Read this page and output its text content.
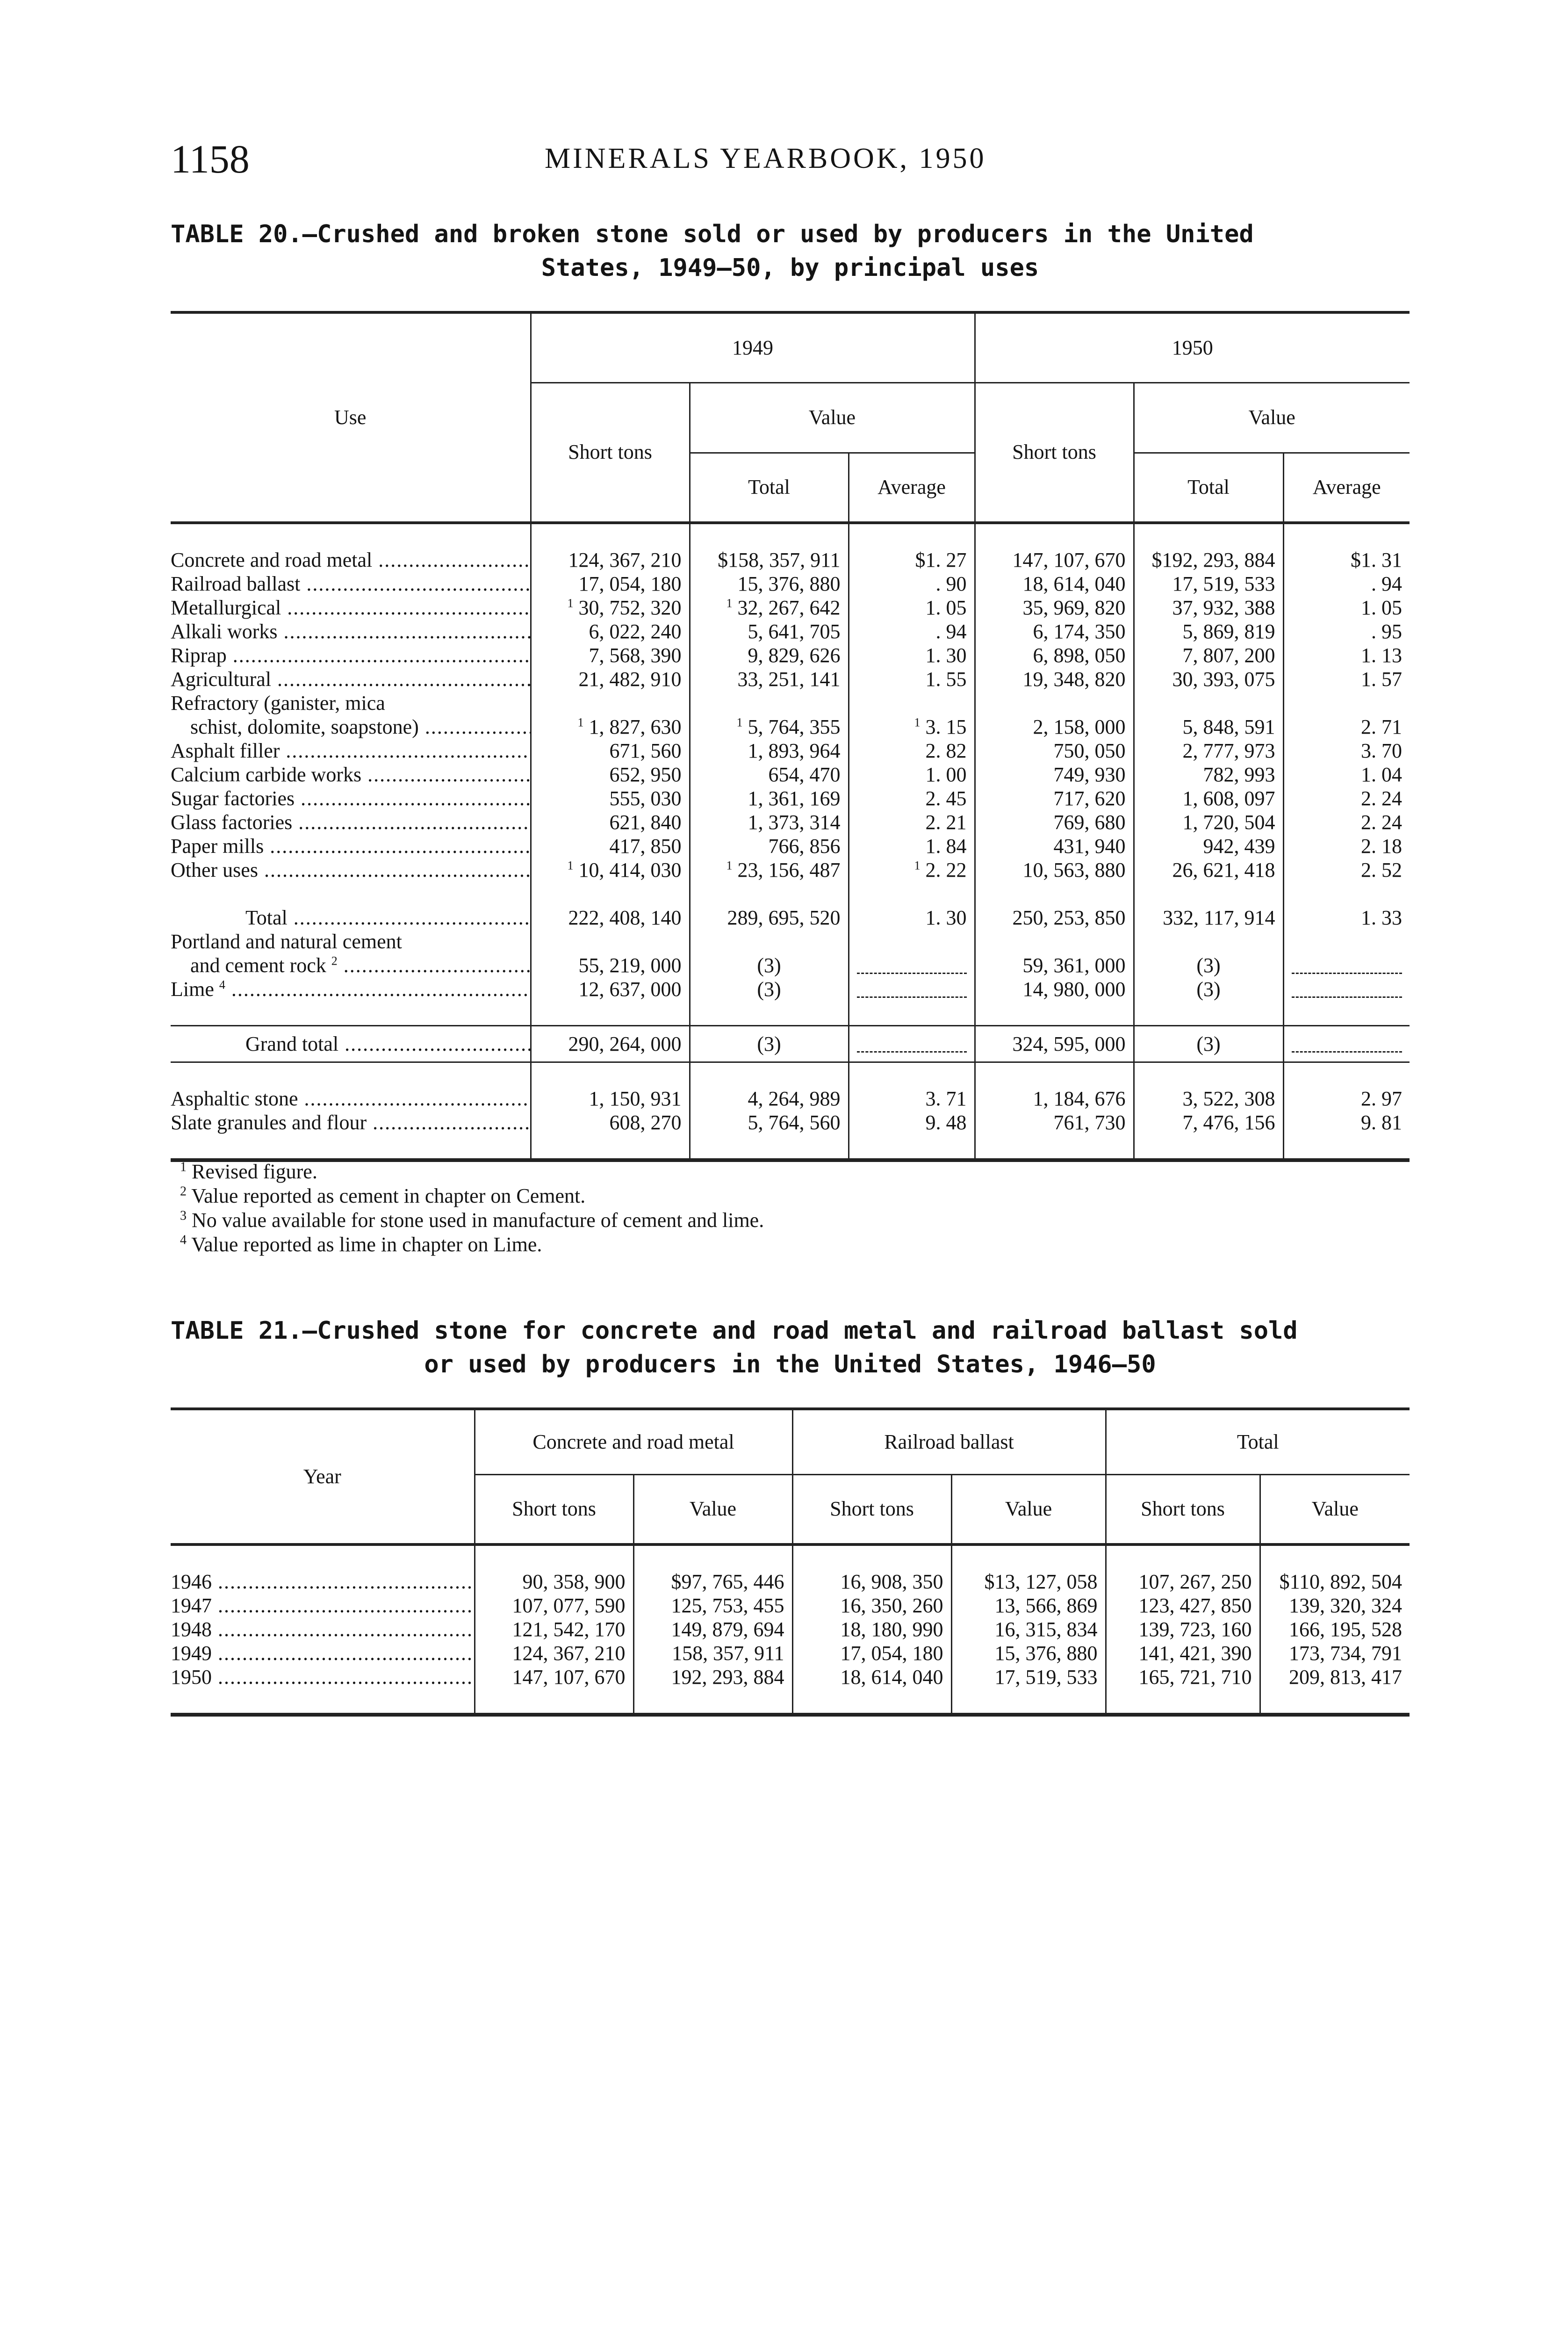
1158	MINERALS YEARBOOK, 1950
TABLE 20.—Crushed and broken stone sold or used by producers in the United
States, 1949–50, by principal uses
Use	1949			1950		
	Short tons	Value		Short tons	Value	
		Total	Average		Total	Average

Concrete and road metal .....	124, 367, 210	$158, 357, 911	$1. 27	147, 107, 670	$192, 293, 884	$1. 31
Railroad ballast .....	17, 054, 180	15, 376, 880	. 90	18, 614, 040	17, 519, 533	. 94
Metallurgical .....	$^1$ 30, 752, 320	$^1$ 32, 267, 642	1. 05	35, 969, 820	37, 932, 388	1. 05
Alkali works .....	6, 022, 240	5, 641, 705	. 94	6, 174, 350	5, 869, 819	. 95
Riprap .....	7, 568, 390	9, 829, 626	1. 30	6, 898, 050	7, 807, 200	1. 13
Agricultural .....	21, 482, 910	33, 251, 141	1. 55	19, 348, 820	30, 393, 075	1. 57
Refractory (ganister, mica						
schist, dolomite, soapstone) .....	$^1$ 1, 827, 630	$^1$ 5, 764, 355	$^1$ 3. 15	2, 158, 000	5, 848, 591	2. 71
Asphalt filler .....	671, 560	1, 893, 964	2. 82	750, 050	2, 777, 973	3. 70
Calcium carbide works .....	652, 950	654, 470	1. 00	749, 930	782, 993	1. 04
Sugar factories .....	555, 030	1, 361, 169	2. 45	717, 620	1, 608, 097	2. 24
Glass factories .....	621, 840	1, 373, 314	2. 21	769, 680	1, 720, 504	2. 24
Paper mills .....	417, 850	766, 856	1. 84	431, 940	942, 439	2. 18
Other uses .....	$^1$ 10, 414, 030	$^1$ 23, 156, 487	$^1$ 2. 22	10, 563, 880	26, 621, 418	2. 52

Total .....	222, 408, 140	289, 695, 520	1. 30	250, 253, 850	332, 117, 914	1. 33
Portland and natural cement						
and cement rock $^2$ .....	55, 219, 000	(3)		59, 361, 000	(3)	
Lime $^4$ .....	12, 637, 000	(3)		14, 980, 000	(3)	

Grand total .....	290, 264, 000	(3)		324, 595, 000	(3)	

Asphaltic stone .....	1, 150, 931	4, 264, 989	3. 71	1, 184, 676	3, 522, 308	2. 97
Slate granules and flour .....	608, 270	5, 764, 560	9. 48	761, 730	7, 476, 156	9. 81

$^1$ Revised figure.
$^2$ Value reported as cement in chapter on Cement.
$^3$ No value available for stone used in manufacture of cement and lime.
$^4$ Value reported as lime in chapter on Lime.
TABLE 21.—Crushed stone for concrete and road metal and railroad ballast sold
or used by producers in the United States, 1946–50
Year	Concrete and road metal		Railroad ballast		Total	
	Short tons	Value	Short tons	Value	Short tons	Value

1946 .....	90, 358, 900	$97, 765, 446	16, 908, 350	$13, 127, 058	107, 267, 250	$110, 892, 504
1947 .....	107, 077, 590	125, 753, 455	16, 350, 260	13, 566, 869	123, 427, 850	139, 320, 324
1948 .....	121, 542, 170	149, 879, 694	18, 180, 990	16, 315, 834	139, 723, 160	166, 195, 528
1949 .....	124, 367, 210	158, 357, 911	17, 054, 180	15, 376, 880	141, 421, 390	173, 734, 791
1950 .....	147, 107, 670	192, 293, 884	18, 614, 040	17, 519, 533	165, 721, 710	209, 813, 417
